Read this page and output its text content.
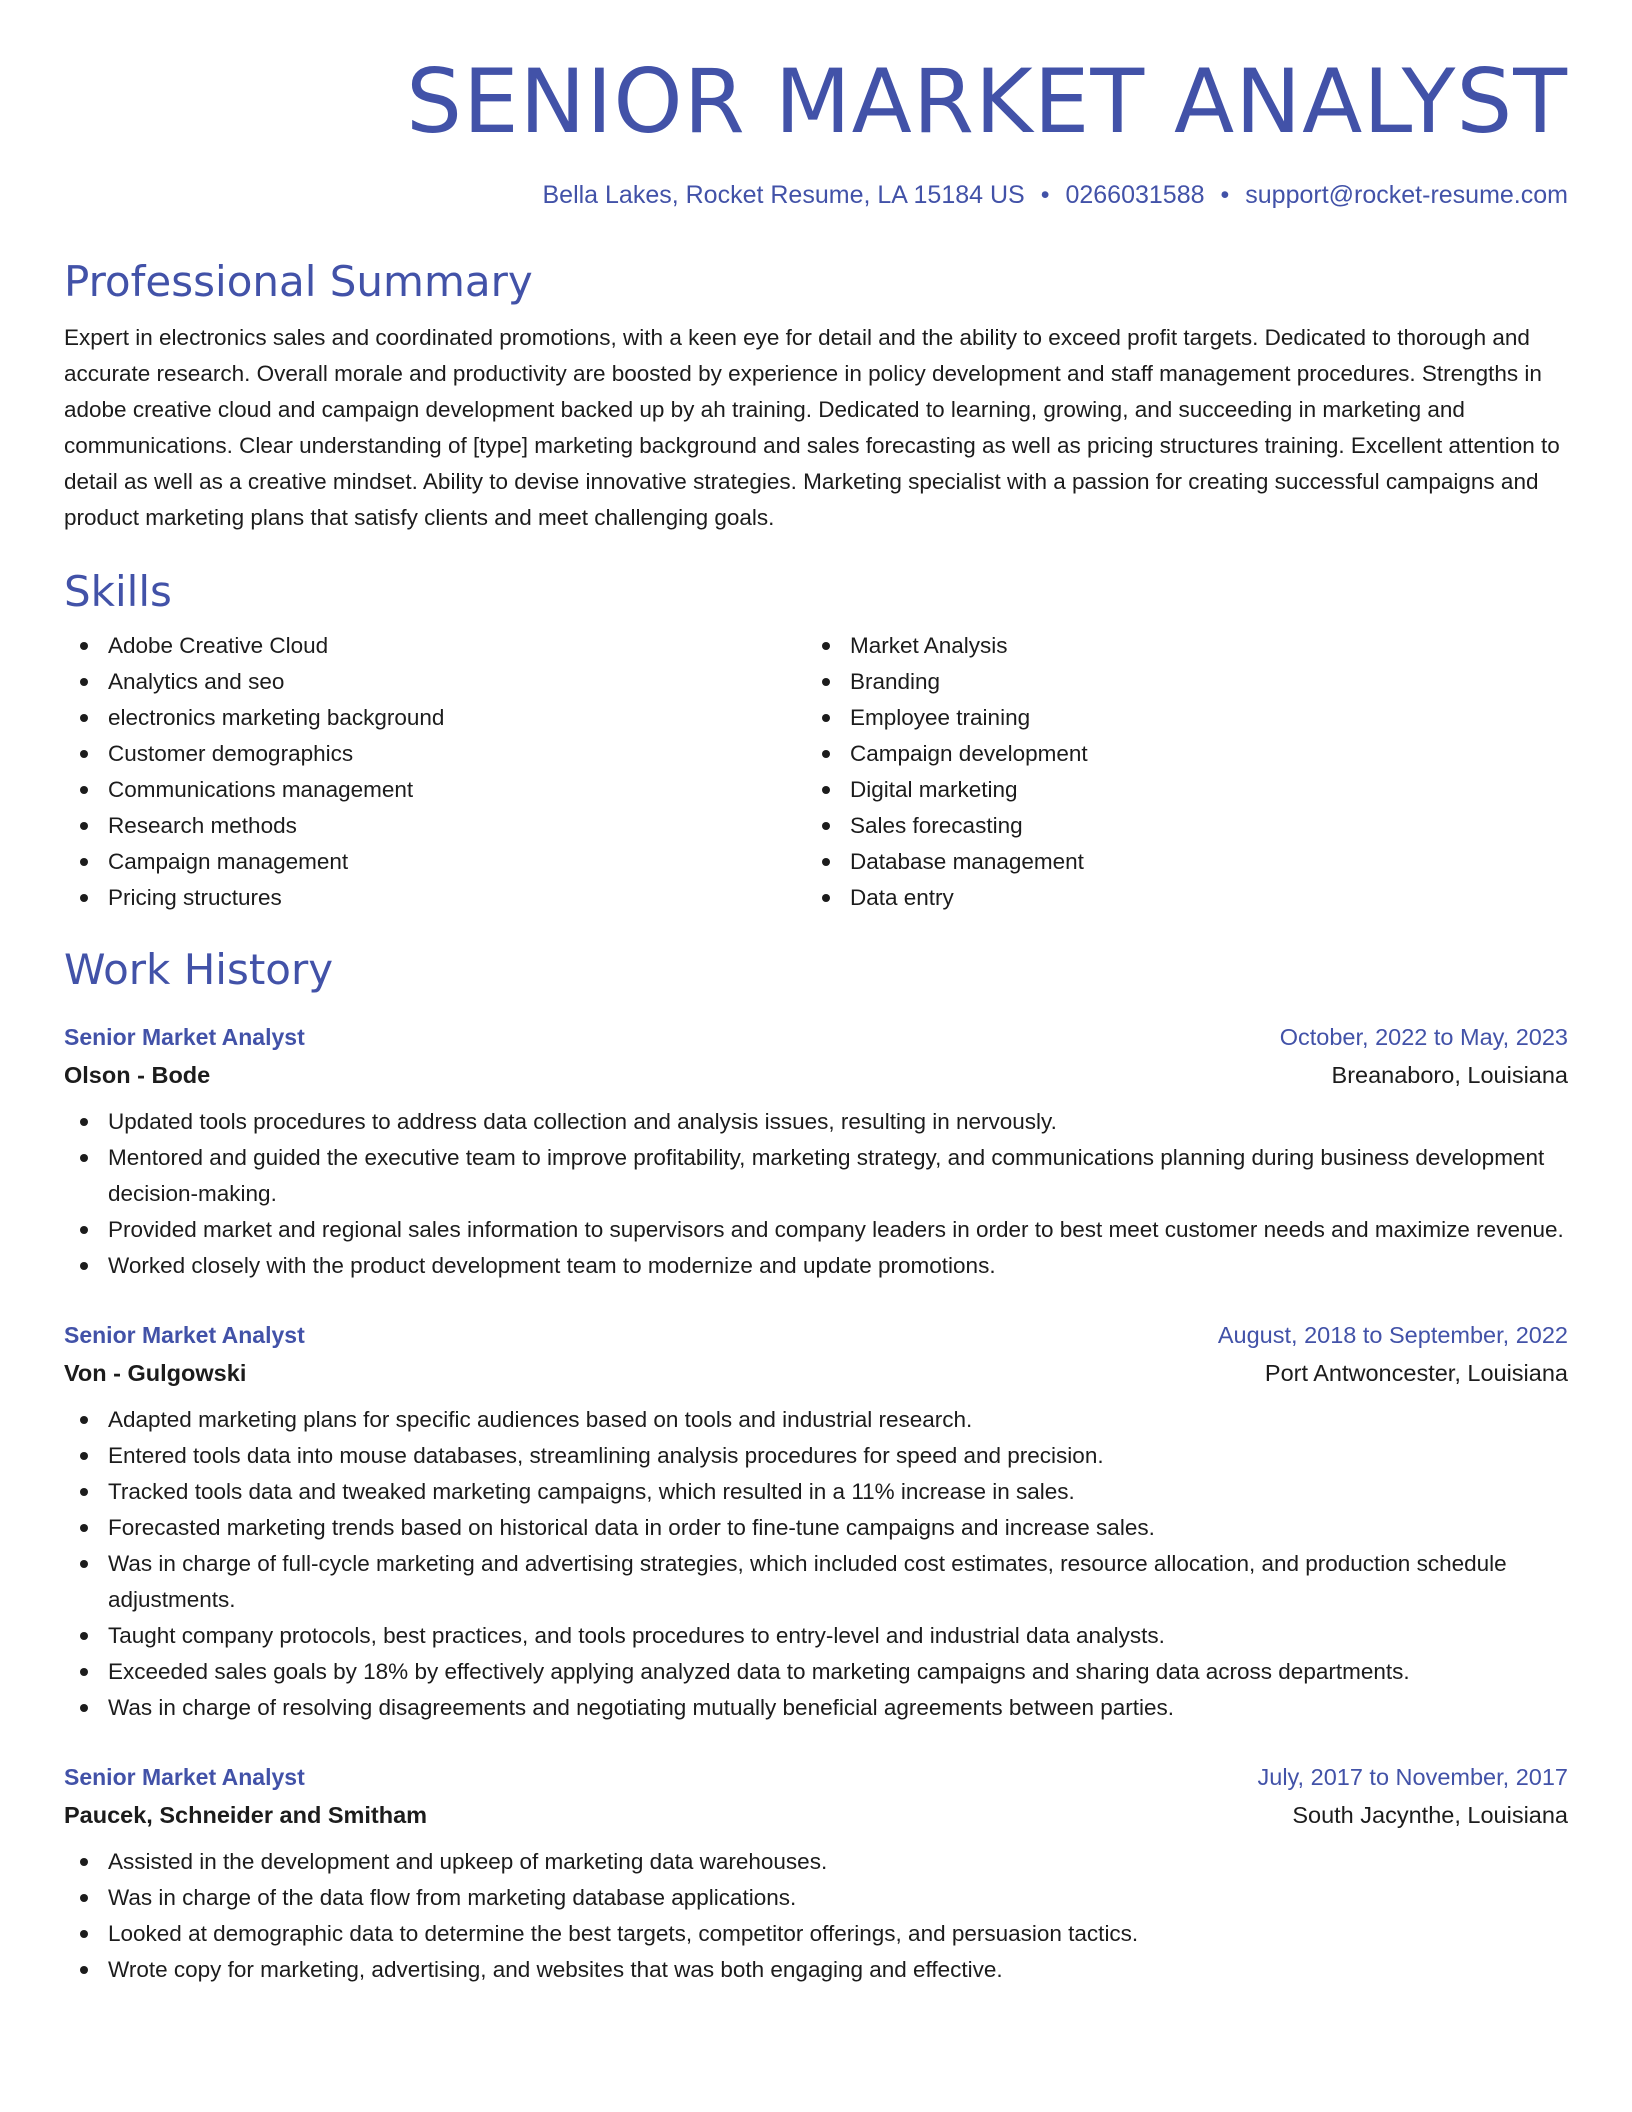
SENIOR MARKET ANALYST
Bella Lakes, Rocket Resume, LA 15184 US • 0266031588 • support@rocket-resume.com
Professional Summary

Expert in electronics sales and coordinated promotions, with a keen eye for detail and the ability to exceed profit targets. Dedicated to thorough and accurate research. Overall morale and productivity are boosted by experience in policy development and staff management procedures. Strengths in adobe creative cloud and campaign development backed up by ah training. Dedicated to learning, growing, and succeeding in marketing and communications. Clear understanding of [type] marketing background and sales forecasting as well as pricing structures training. Excellent attention to detail as well as a creative mindset. Ability to devise innovative strategies. Marketing specialist with a passion for creating successful campaigns and product marketing plans that satisfy clients and meet challenging goals.

Skills
Adobe Creative Cloud
Analytics and seo
electronics marketing background
Customer demographics
Communications management
Research methods
Campaign management
Pricing structures
Market Analysis
Branding
Employee training
Campaign development
Digital marketing
Sales forecasting
Database management
Data entry
Work History
Senior Market Analyst	October, 2022 to May, 2023
Olson - Bode	Breanaboro, Louisiana
Updated tools procedures to address data collection and analysis issues, resulting in nervously.
Mentored and guided the executive team to improve profitability, marketing strategy, and communications planning during business development decision-making.
Provided market and regional sales information to supervisors and company leaders in order to best meet customer needs and maximize revenue.
Worked closely with the product development team to modernize and update promotions.
Senior Market Analyst	August, 2018 to September, 2022
Von - Gulgowski	Port Antwoncester, Louisiana
Adapted marketing plans for specific audiences based on tools and industrial research.
Entered tools data into mouse databases, streamlining analysis procedures for speed and precision.
Tracked tools data and tweaked marketing campaigns, which resulted in a 11% increase in sales.
Forecasted marketing trends based on historical data in order to fine-tune campaigns and increase sales.
Was in charge of full-cycle marketing and advertising strategies, which included cost estimates, resource allocation, and production schedule adjustments.
Taught company protocols, best practices, and tools procedures to entry-level and industrial data analysts.
Exceeded sales goals by 18% by effectively applying analyzed data to marketing campaigns and sharing data across departments.
Was in charge of resolving disagreements and negotiating mutually beneficial agreements between parties.
Senior Market Analyst	July, 2017 to November, 2017
Paucek, Schneider and Smitham	South Jacynthe, Louisiana
Assisted in the development and upkeep of marketing data warehouses.
Was in charge of the data flow from marketing database applications.
Looked at demographic data to determine the best targets, competitor offerings, and persuasion tactics.
Wrote copy for marketing, advertising, and websites that was both engaging and effective.
